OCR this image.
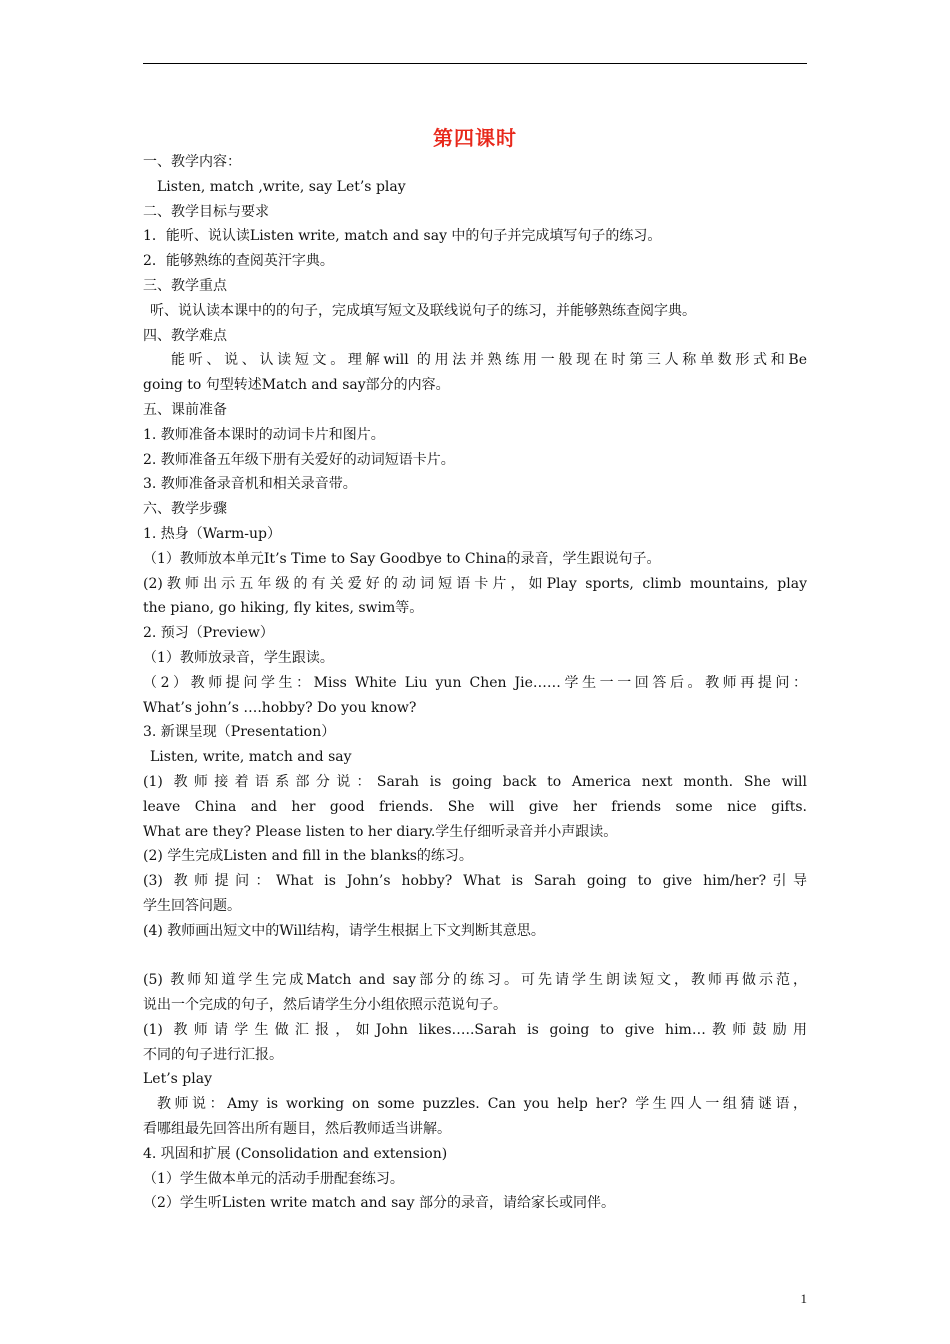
第四课时
一、教学内容：
Listen, match ,write, say Let’s play
二、教学目标与要求
1．能听、说认读Listen write, match and say 中的句子并完成填写句子的练习。
2．能够熟练的查阅英汗字典。
三、教学重点
听、说认读本课中的的句子，完成填写短文及联线说句子的练习，并能够熟练查阅字典。
四、教学难点
能听、说、认读短文。理解will 的用法并熟练用一般现在时第三人称单数形式和Be
going to 句型转述Match and say部分的内容。
五、课前准备
1. 教师准备本课时的动词卡片和图片。
2. 教师准备五年级下册有关爱好的动词短语卡片。
3. 教师准备录音机和相关录音带。
六、教学步骤
1. 热身（Warm-up）
（1）教师放本单元It’s Time to Say Goodbye to China的录音，学生跟说句子。
(2)教师出示五年级的有关爱好的动词短语卡片，如Play sports, climb mountains, play
the piano, go hiking, fly kites, swim等。
2. 预习（Preview）
（1）教师放录音，学生跟读。
（2）教师提问学生：Miss White Liu yun Chen Jie……学生一一回答后。教师再提问：
What’s john’s ….hobby? Do you know?
3. 新课呈现（Presentation）
Listen, write, match and say
(1) 教师接着语系部分说：Sarah is going back to America next month. She will
leave China and her good friends. She will give her friends some nice gifts.
What are they? Please listen to her diary.学生仔细听录音并小声跟读。
(2) 学生完成Listen and fill in the blanks的练习。
(3) 教师提问：What is John’s hobby? What is Sarah going to give him/her?引导
学生回答问题。
(4) 教师画出短文中的Will结构，请学生根据上下文判断其意思。
(5) 教师知道学生完成Match and say部分的练习。可先请学生朗读短文，教师再做示范，
说出一个完成的句子，然后请学生分小组依照示范说句子。
(1) 教师请学生做汇报，如John likes…..Sarah is going to give him…教师鼓励用
不同的句子进行汇报。
Let’s play
教师说：Amy is working on some puzzles. Can you help her? 学生四人一组猜谜语，
看哪组最先回答出所有题目，然后教师适当讲解。
4. 巩固和扩展 (Consolidation and extension)
（1）学生做本单元的活动手册配套练习。
（2）学生听Listen write match and say 部分的录音，请给家长或同伴。
1
